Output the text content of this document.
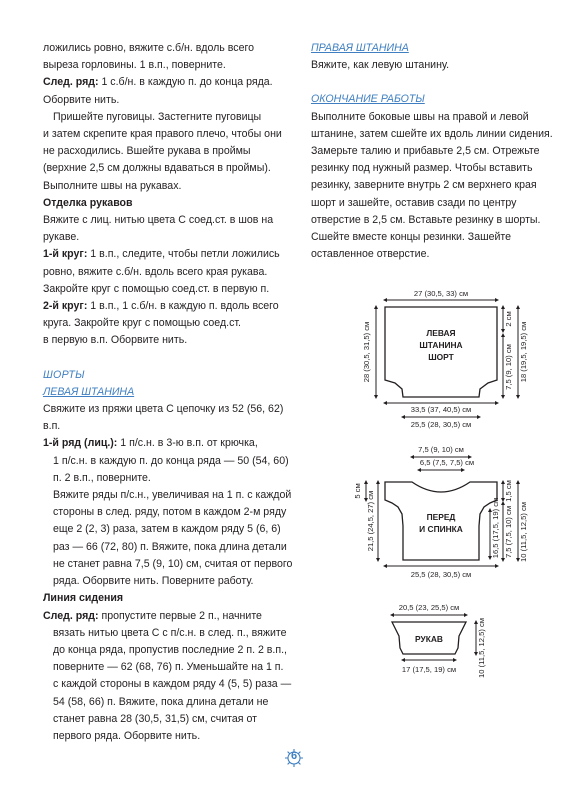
ложились ровно, вяжите с.б/н. вдоль всего

выреза горловины. 1 в.п., поверните.

След. ряд: 1 с.б/н. в каждую п. до конца ряда.

Оборвите нить.

Пришейте пуговицы. Застегните пуговицы

и затем скрепите края правого плечо, чтобы они

не расходились. Вшейте рукава в проймы

(верхние 2,5 см должны вдаваться в проймы).

Выполните швы на рукавах.

Отделка рукавов

Вяжите с лиц. нитью цвета С соед.ст. в шов на

рукаве.

1-й круг: 1 в.п., следите, чтобы петли ложились

ровно, вяжите с.б/н. вдоль всего края рукава.

Закройте круг с помощью соед.ст. в первую п.

2-й круг: 1 в.п., 1 с.б/н. в каждую п. вдоль всего

круга. Закройте круг с помощью соед.ст.

в первую в.п. Оборвите нить.

ШОРТЫ

ЛЕВАЯ ШТАНИНА

Свяжите из пряжи цвета С цепочку из 52 (56, 62)

в.п.

1-й ряд (лиц.): 1 п/с.н. в 3-ю в.п. от крючка,

1 п/с.н. в каждую п. до конца ряда — 50 (54, 60)

п. 2 в.п., поверните.

Вяжите ряды п/с.н., увеличивая на 1 п. с каждой

стороны в след. ряду, потом в каждом 2-м ряду

еще 2 (2, 3) раза, затем в каждом ряду 5 (6, 6)

раз — 66 (72, 80) п. Вяжите, пока длина детали

не станет равна 7,5 (9, 10) см, считая от первого

ряда. Оборвите нить. Поверните работу.

Линия сидения

След. ряд: пропустите первые 2 п., начните

вязать нитью цвета С с п/с.н. в след. п., вяжите

до конца ряда, пропустив последние 2 п. 2 в.п.,

поверните — 62 (68, 76) п. Уменьшайте на 1 п.

с каждой стороны в каждом ряду 4 (5, 5) раза —

54 (58, 66) п. Вяжите, пока длина детали не

станет равна 28 (30,5, 31,5) см, считая от

первого ряда. Оборвите нить.

ПРАВАЯ ШТАНИНА

Вяжите, как левую штанину.

ОКОНЧАНИЕ РАБОТЫ

Выполните боковые швы на правой и левой

штанине, затем сшейте их вдоль линии сидения.

Замерьте талию и прибавьте 2,5 см. Отрежьте

резинку под нужный размер. Чтобы вставить

резинку, заверните внутрь 2 см верхнего края

шорт и зашейте, оставив сзади по центру

отверстие в 2,5 см. Вставьте резинку в шорты.

Сшейте вместе концы резинки. Зашейте

оставленное отверстие.

ЛЕВАЯ
ШТАНИНА
ШОРТ
27 (30,5, 33) см
28 (30,5, 31,5) см
2 см
7,5 (9, 10) см 18 (19,5, 19,5) см
33,5 (37, 40,5) см
25,5 (28, 30,5) см
ПЕРЕД
И СПИНКА
7,5 (9, 10) см
6,5 (7,5, 7,5) см
5 см 21,5 (24,5, 27) см	1,5 см
10 (11,5, 12,5) см
7,5 (7,5, 10) см
16,5 (17,5, 19) см
25,5 (28, 30,5) см
РУКАВ
20,5 (23, 25,5) см
10 (11,5, 12,5) см
17 (17,5, 19) см
6
